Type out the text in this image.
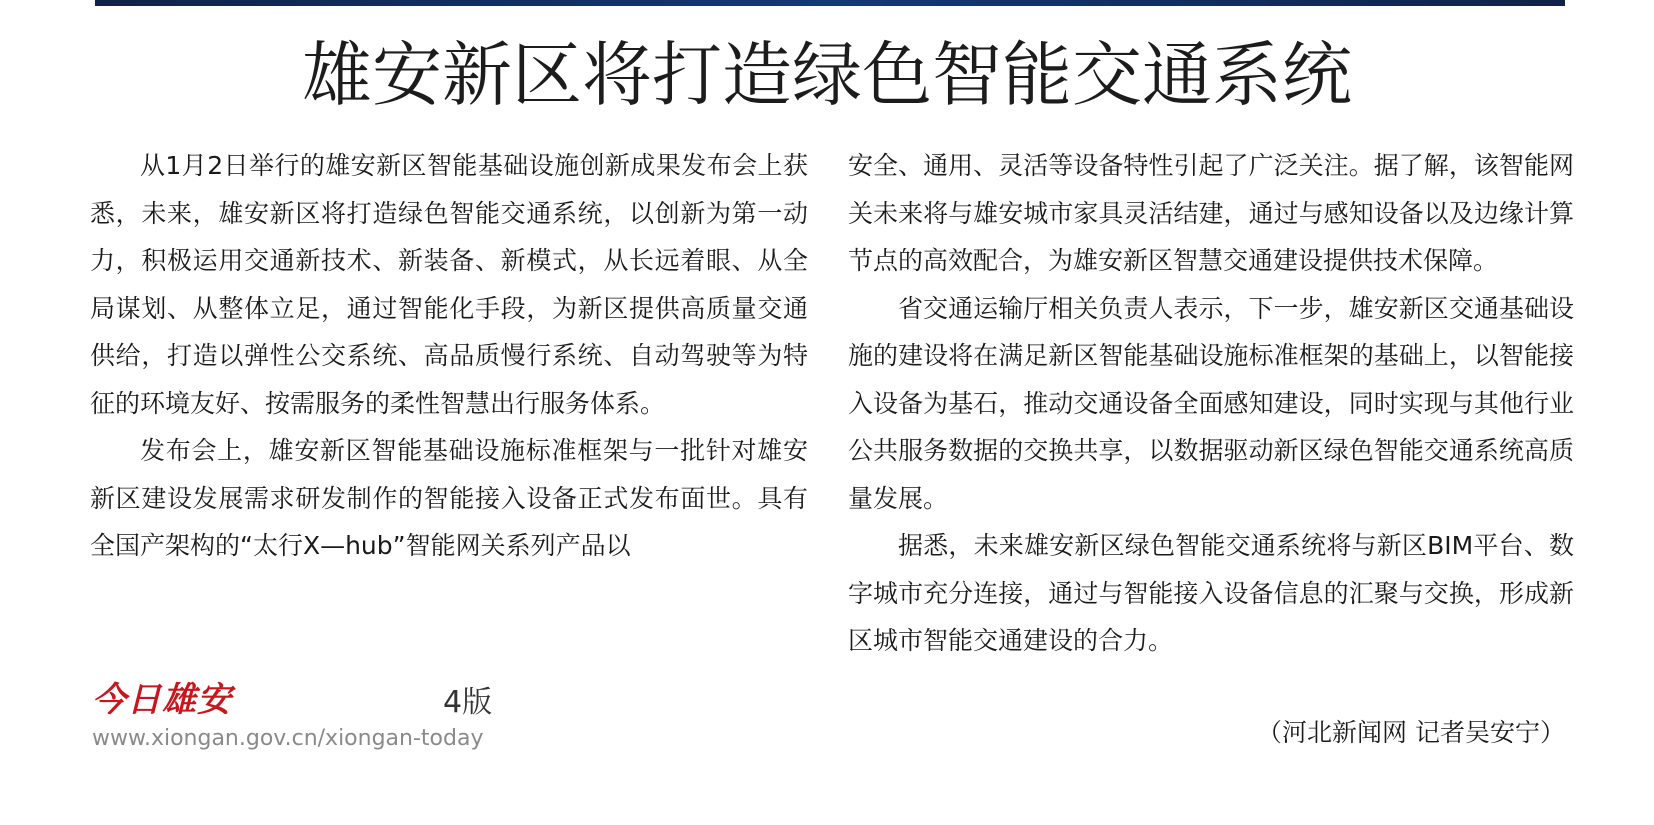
雄安新区将打造绿色智能交通系统

从1月2日举行的雄安新区智能基础设施创新成果发布会上获悉，未来，雄安新区将打造绿色智能交通系统，以创新为第一动力，积极运用交通新技术、新装备、新模式，从长远着眼、从全局谋划、从整体立足，通过智能化手段，为新区提供高质量交通供给，打造以弹性公交系统、高品质慢行系统、自动驾驶等为特征的环境友好、按需服务的柔性智慧出行服务体系。

发布会上，雄安新区智能基础设施标准框架与一批针对雄安新区建设发展需求研发制作的智能接入设备正式发布面世。具有全国产架构的“太行X—hub”智能网关系列产品以

安全、通用、灵活等设备特性引起了广泛关注。据了解，该智能网关未来将与雄安城市家具灵活结建，通过与感知设备以及边缘计算节点的高效配合，为雄安新区智慧交通建设提供技术保障。

省交通运输厅相关负责人表示，下一步，雄安新区交通基础设施的建设将在满足新区智能基础设施标准框架的基础上，以智能接入设备为基石，推动交通设备全面感知建设，同时实现与其他行业公共服务数据的交换共享，以数据驱动新区绿色智能交通系统高质量发展。

据悉，未来雄安新区绿色智能交通系统将与新区BIM平台、数字城市充分连接，通过与智能接入设备信息的汇聚与交换，形成新区城市智能交通建设的合力。

今日雄安	4版
www.xiongan.gov.cn/xiongan-today	（河北新闻网 记者吴安宁）
